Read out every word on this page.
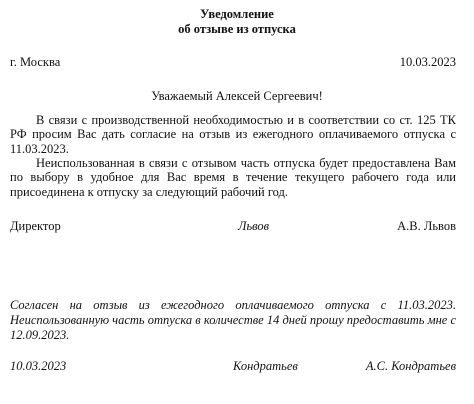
Уведомление
об отзыве из отпуска
г. Москва	10.03.2023
Уважаемый Алексей Сергеевич!

В связи с производственной необходимостью и в соответствии со ст. 125 ТК РФ просим Вас дать согласие на отзыв из ежегодного оплачиваемого отпуска с 11.03.2023.

Неиспользованная в связи с отзывом часть отпуска будет предоставлена Вам по выбору в удобное для Вас время в течение текущего рабочего года или присоединена к отпуску за следующий рабочий год.

Директор	Львов	А.В. Львов

Согласен на отзыв из ежегодного оплачиваемого отпуска с 11.03.2023. Неиспользованную часть отпуска в количестве 14 дней прошу предоставить мне с 12.09.2023.

10.03.2023	Кондратьев	А.С. Кондратьев
